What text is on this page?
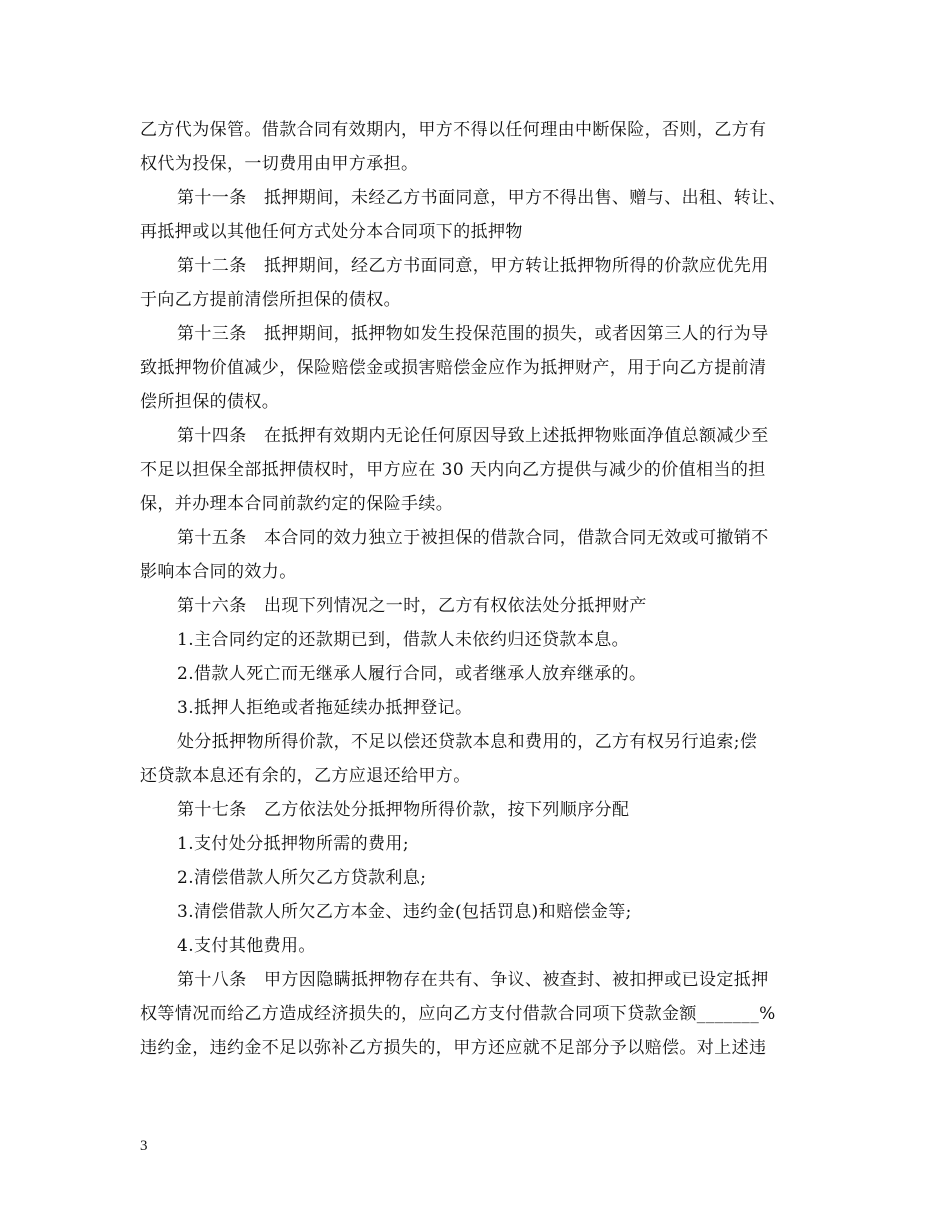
乙方代为保管。借款合同有效期内，甲方不得以任何理由中断保险，否则，乙方有
权代为投保，一切费用由甲方承担。
第十一条　抵押期间，未经乙方书面同意，甲方不得出售、赠与、出租、转让、
再抵押或以其他任何方式处分本合同项下的抵押物
第十二条　抵押期间，经乙方书面同意，甲方转让抵押物所得的价款应优先用
于向乙方提前清偿所担保的债权。
第十三条　抵押期间，抵押物如发生投保范围的损失，或者因第三人的行为导
致抵押物价值减少，保险赔偿金或损害赔偿金应作为抵押财产，用于向乙方提前清
偿所担保的债权。
第十四条　在抵押有效期内无论任何原因导致上述抵押物账面净值总额减少至
不足以担保全部抵押债权时，甲方应在 30 天内向乙方提供与减少的价值相当的担
保，并办理本合同前款约定的保险手续。
第十五条　本合同的效力独立于被担保的借款合同，借款合同无效或可撤销不
影响本合同的效力。
第十六条　出现下列情况之一时，乙方有权依法处分抵押财产
1.主合同约定的还款期已到，借款人未依约归还贷款本息。
2.借款人死亡而无继承人履行合同，或者继承人放弃继承的。
3.抵押人拒绝或者拖延续办抵押登记。
处分抵押物所得价款，不足以偿还贷款本息和费用的，乙方有权另行追索;偿
还贷款本息还有余的，乙方应退还给甲方。
第十七条　乙方依法处分抵押物所得价款，按下列顺序分配
1.支付处分抵押物所需的费用;
2.清偿借款人所欠乙方贷款利息;
3.清偿借款人所欠乙方本金、违约金(包括罚息)和赔偿金等;
4.支付其他费用。
第十八条　甲方因隐瞒抵押物存在共有、争议、被查封、被扣押或已设定抵押
权等情况而给乙方造成经济损失的，应向乙方支付借款合同项下贷款金额_______%
违约金，违约金不足以弥补乙方损失的，甲方还应就不足部分予以赔偿。对上述违
3
